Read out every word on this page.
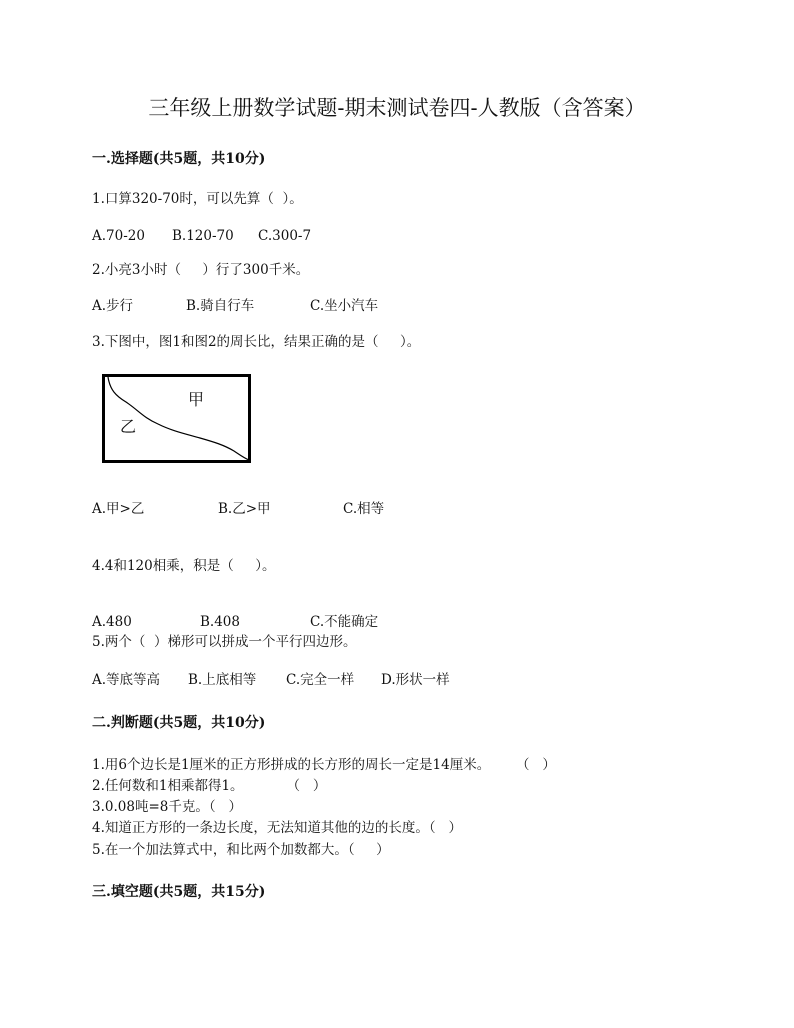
三年级上册数学试题-期末测试卷四-人教版（含答案）
一.选择题(共5题，共10分)
1.口算320-70时，可以先算（  ）。
A.70-20 B.120-70 C.300-7
2.小亮3小时（     ）行了300千米。
A.步行	B.骑自行车	C.坐小汽车
3.下图中，图1和图2的周长比，结果正确的是（     ）。
甲
乙
A.甲>乙	B.乙>甲	C.相等
4.4和120相乘，积是（     ）。
A.480	B.408	C.不能确定
5.两个（  ）梯形可以拼成一个平行四边形。
A.等底等高 B.上底相等 C.完全一样 D.形状一样
二.判断题(共5题，共10分)
1.用6个边长是1厘米的正方形拼成的长方形的周长一定是14厘米。      （   ）
2.任何数和1相乘都得1。          （   ）
3.0.08吨=8千克。（   ）
4.知道正方形的一条边长度，无法知道其他的边的长度。（   ）
5.在一个加法算式中，和比两个加数都大。（     ）
三.填空题(共5题，共15分)
